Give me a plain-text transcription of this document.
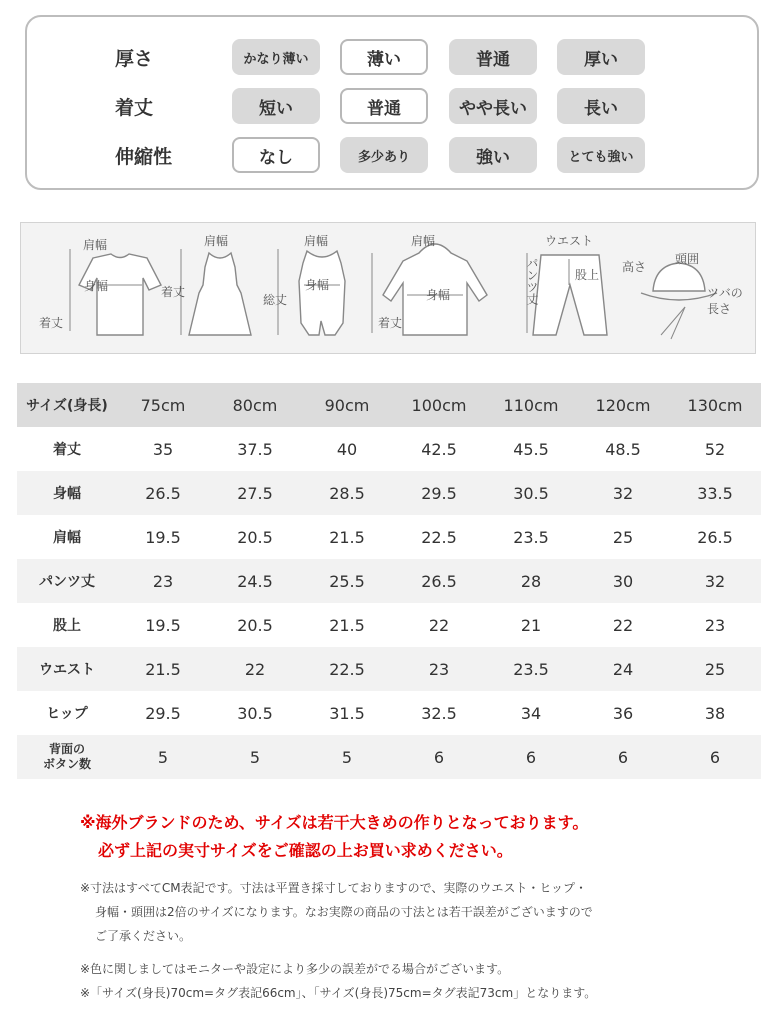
厚さ	かなり薄い	薄い	普通	厚い
着丈	短い	普通	やや長い	長い
伸縮性	なし	多少あり	強い	とても強い
肩幅
身幅
着丈
肩幅
着丈
肩幅
身幅
総丈
肩幅
身幅
着丈
ウエスト
股上
パンツ丈	高さ
頭囲
ツバの
長さ
サイズ(身長)	75cm	80cm	90cm	100cm	110cm	120cm	130cm
着丈	35	37.5	40	42.5	45.5	48.5	52
身幅	26.5	27.5	28.5	29.5	30.5	32	33.5
肩幅	19.5	20.5	21.5	22.5	23.5	25	26.5
パンツ丈	23	24.5	25.5	26.5	28	30	32
股上	19.5	20.5	21.5	22	21	22	23
ウエスト	21.5	22	22.5	23	23.5	24	25
ヒップ	29.5	30.5	31.5	32.5	34	36	38
背面の
ボタン数	5	5	5	6	6	6	6
※海外ブランドのため、サイズは若干大きめの作りとなっております。
必ず上記の実寸サイズをご確認の上お買い求めください。
※寸法はすべてCM表記です。寸法は平置き採寸しておりますので、実際のウエスト・ヒップ・
身幅・頭囲は2倍のサイズになります。なお実際の商品の寸法とは若干誤差がございますので
ご了承ください。
※色に関しましてはモニターや設定により多少の誤差がでる場合がございます。
※「サイズ(身長)70cm=タグ表記66cm」、「サイズ(身長)75cm=タグ表記73cm」となります。
